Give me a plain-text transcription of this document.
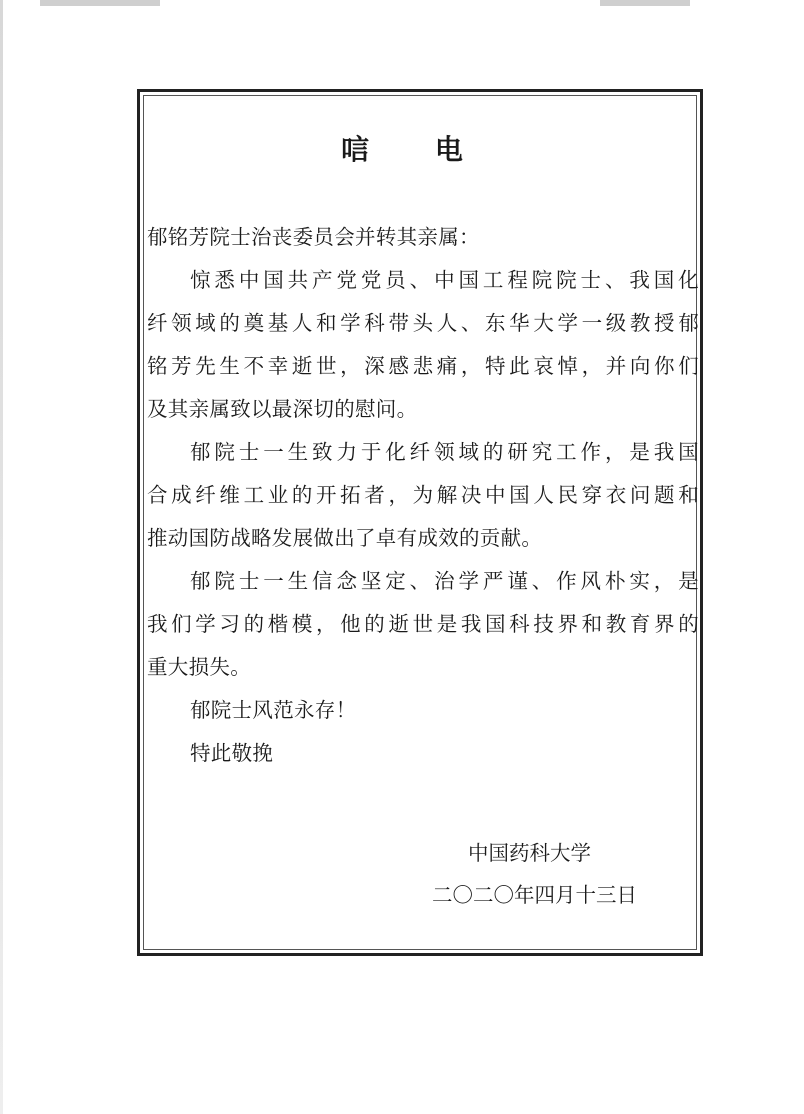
唁 电

郁铭芳院士治丧委员会并转其亲属：

惊悉中国共产党党员、中国工程院院士、我国化
纤领域的奠基人和学科带头人、东华大学一级教授郁
铭芳先生不幸逝世，深感悲痛，特此哀悼，并向你们
及其亲属致以最深切的慰问。

郁院士一生致力于化纤领域的研究工作，是我国
合成纤维工业的开拓者，为解决中国人民穿衣问题和
推动国防战略发展做出了卓有成效的贡献。

郁院士一生信念坚定、治学严谨、作风朴实，是
我们学习的楷模，他的逝世是我国科技界和教育界的
重大损失。

郁院士风范永存！

特此敬挽

中国药科大学
二〇二〇年四月十三日
